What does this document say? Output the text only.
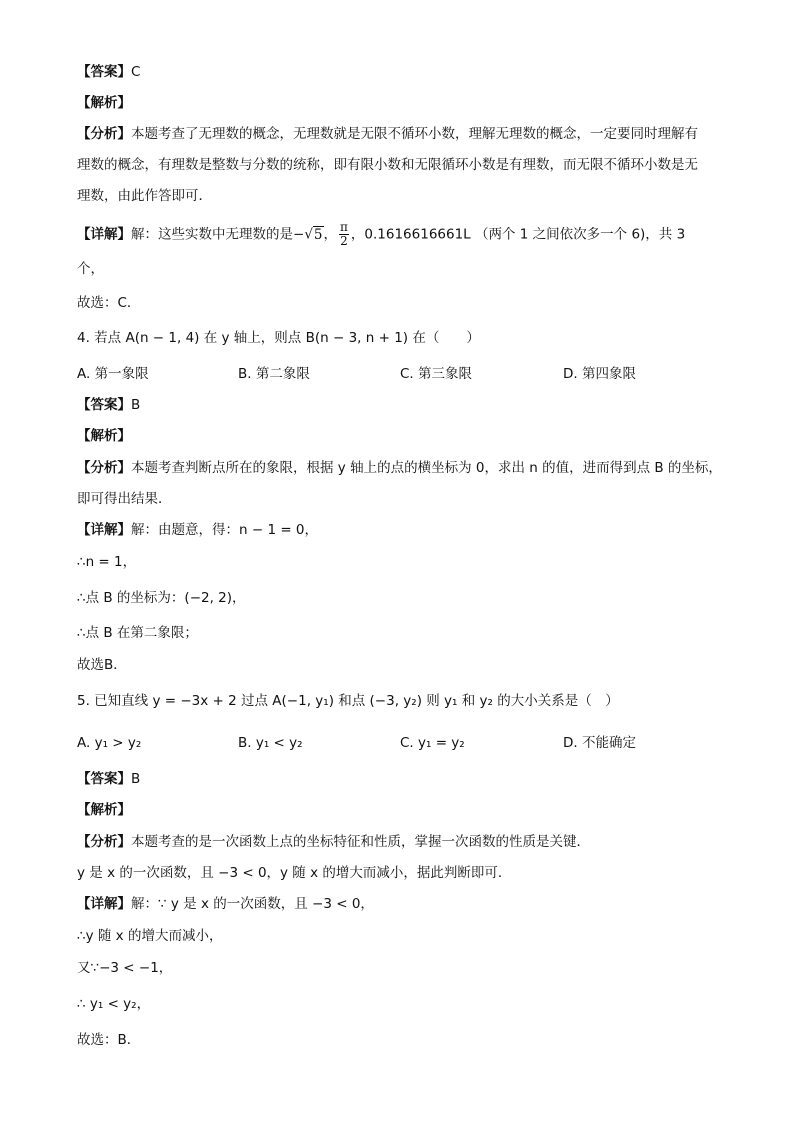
【答案】C
【解析】
【分析】本题考查了无理数的概念，无理数就是无限不循环小数，理解无理数的概念，一定要同时理解有
理数的概念，有理数是整数与分数的统称，即有限小数和无限循环小数是有理数，而无限不循环小数是无
理数，由此作答即可．
【详解】解：这些实数中无理数的是−√5， $\frac{\pi}{2}$ ，0.1616616661L （两个 1 之间依次多一个 6)，共 3
个，
故选：C．
4. 若点 A(n − 1, 4) 在 y 轴上，则点 B(n − 3, n + 1) 在（　　）
A. 第一象限	B. 第二象限	C. 第三象限	D. 第四象限
【答案】B
【解析】
【分析】本题考查判断点所在的象限，根据 y 轴上的点的横坐标为 0，求出 n 的值，进而得到点 B 的坐标，
即可得出结果．
【详解】解：由题意，得：n − 1 = 0，
∴n = 1，
∴点 B 的坐标为：(−2, 2)，
∴点 B 在第二象限；
故选B．
5. 已知直线 y = −3x + 2 过点 A(−1, y₁) 和点 (−3, y₂) 则 y₁ 和 y₂ 的大小关系是（　）
A. y₁ > y₂	B. y₁ < y₂	C. y₁ = y₂	D. 不能确定
【答案】B
【解析】
【分析】本题考查的是一次函数上点的坐标特征和性质，掌握一次函数的性质是关键．
y 是 x 的一次函数，且 −3 < 0，y 随 x 的增大而减小，据此判断即可．
【详解】解：∵ y 是 x 的一次函数，且 −3 < 0，
∴y 随 x 的增大而减小，
又∵−3 < −1，
∴ y₁ < y₂，
故选：B．
